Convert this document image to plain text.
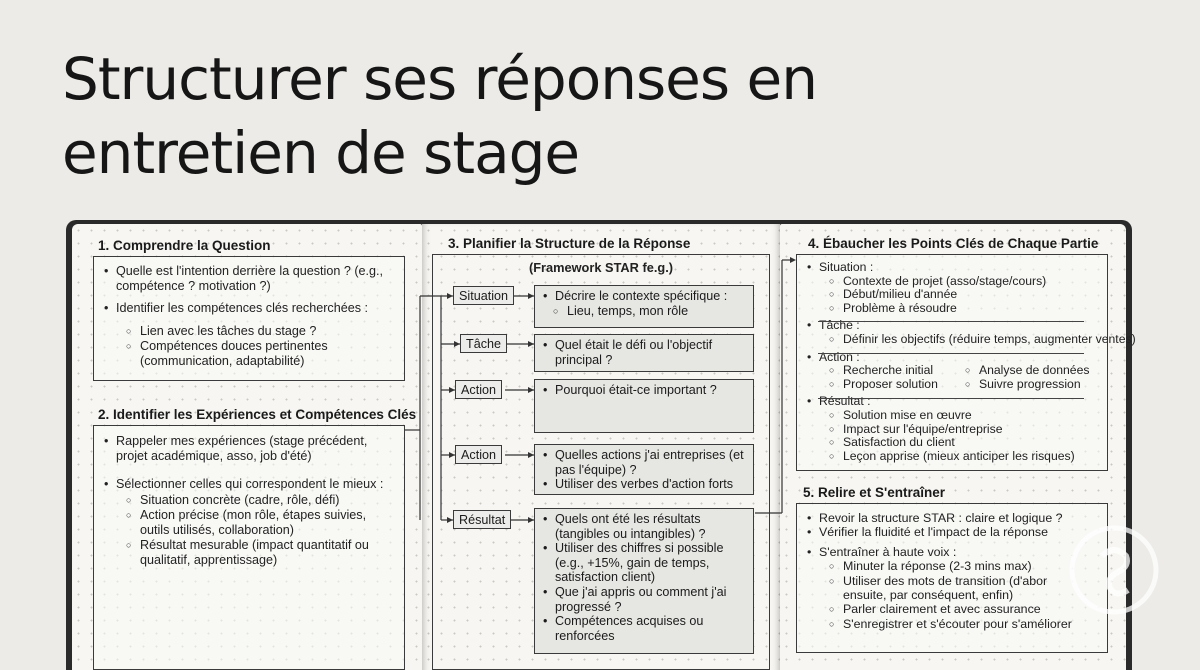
Structurer ses réponses en entretien de stage
1. Comprendre la Question
• Quelle est l'intention derrière la question ? (e.g., compétence ? motivation ?)
• Identifier les compétences clés recherchées :
○ Lien avec les tâches du stage ?
○ Compétences douces pertinentes (communication, adaptabilité)
2. Identifier les Expériences et Compétences Clés
• Rappeler mes expériences (stage précédent, projet académique, asso, job d'été)
• Sélectionner celles qui correspondent le mieux :
○ Situation concrète (cadre, rôle, défi)
○ Action précise (mon rôle, étapes suivies, outils utilisés, collaboration)
○ Résultat mesurable (impact quantitatif ou qualitatif, apprentissage)
3. Planifier la Structure de la Réponse
(Framework STAR fe.g.)
Situation
Tâche
Action
Action
Résultat
• Décrire le contexte spécifique :
○ Lieu, temps, mon rôle
• Quel était le défi ou l'objectif principal ?
• Pourquoi était-ce important ?
• Quelles actions j'ai entreprises (et pas l'équipe) ?
• Utiliser des verbes d'action forts
• Quels ont été les résultats (tangibles ou intangibles) ?
• Utiliser des chiffres si possible (e.g., +15%, gain de temps, satisfaction client)
• Que j'ai appris ou comment j'ai progressé ?
• Compétences acquises ou renforcées
4. Ébaucher les Points Clés de Chaque Partie
• Situation :
○ Contexte de projet (asso/stage/cours)
○ Début/milieu d'année
○ Problème à résoudre
• Tâche :
○ Définir les objectifs (réduire temps, augmenter ventes)
• Action :
○ Recherche initial
○ Proposer solution
○ Analyse de données
○ Suivre progression
• Résultat :
○ Solution mise en œuvre
○ Impact sur l'équipe/entreprise
○ Satisfaction du client
○ Leçon apprise (mieux anticiper les risques)
5. Relire et S'entraîner
• Revoir la structure STAR : claire et logique ?
• Vérifier la fluidité et l'impact de la réponse
• S'entraîner à haute voix :
○ Minuter la réponse (2-3 mins max)
○ Utiliser des mots de transition (d'abor
ensuite, par conséquent, enfin)
○ Parler clairement et avec assurance
○ S'enregistrer et s'écouter pour s'améliorer
